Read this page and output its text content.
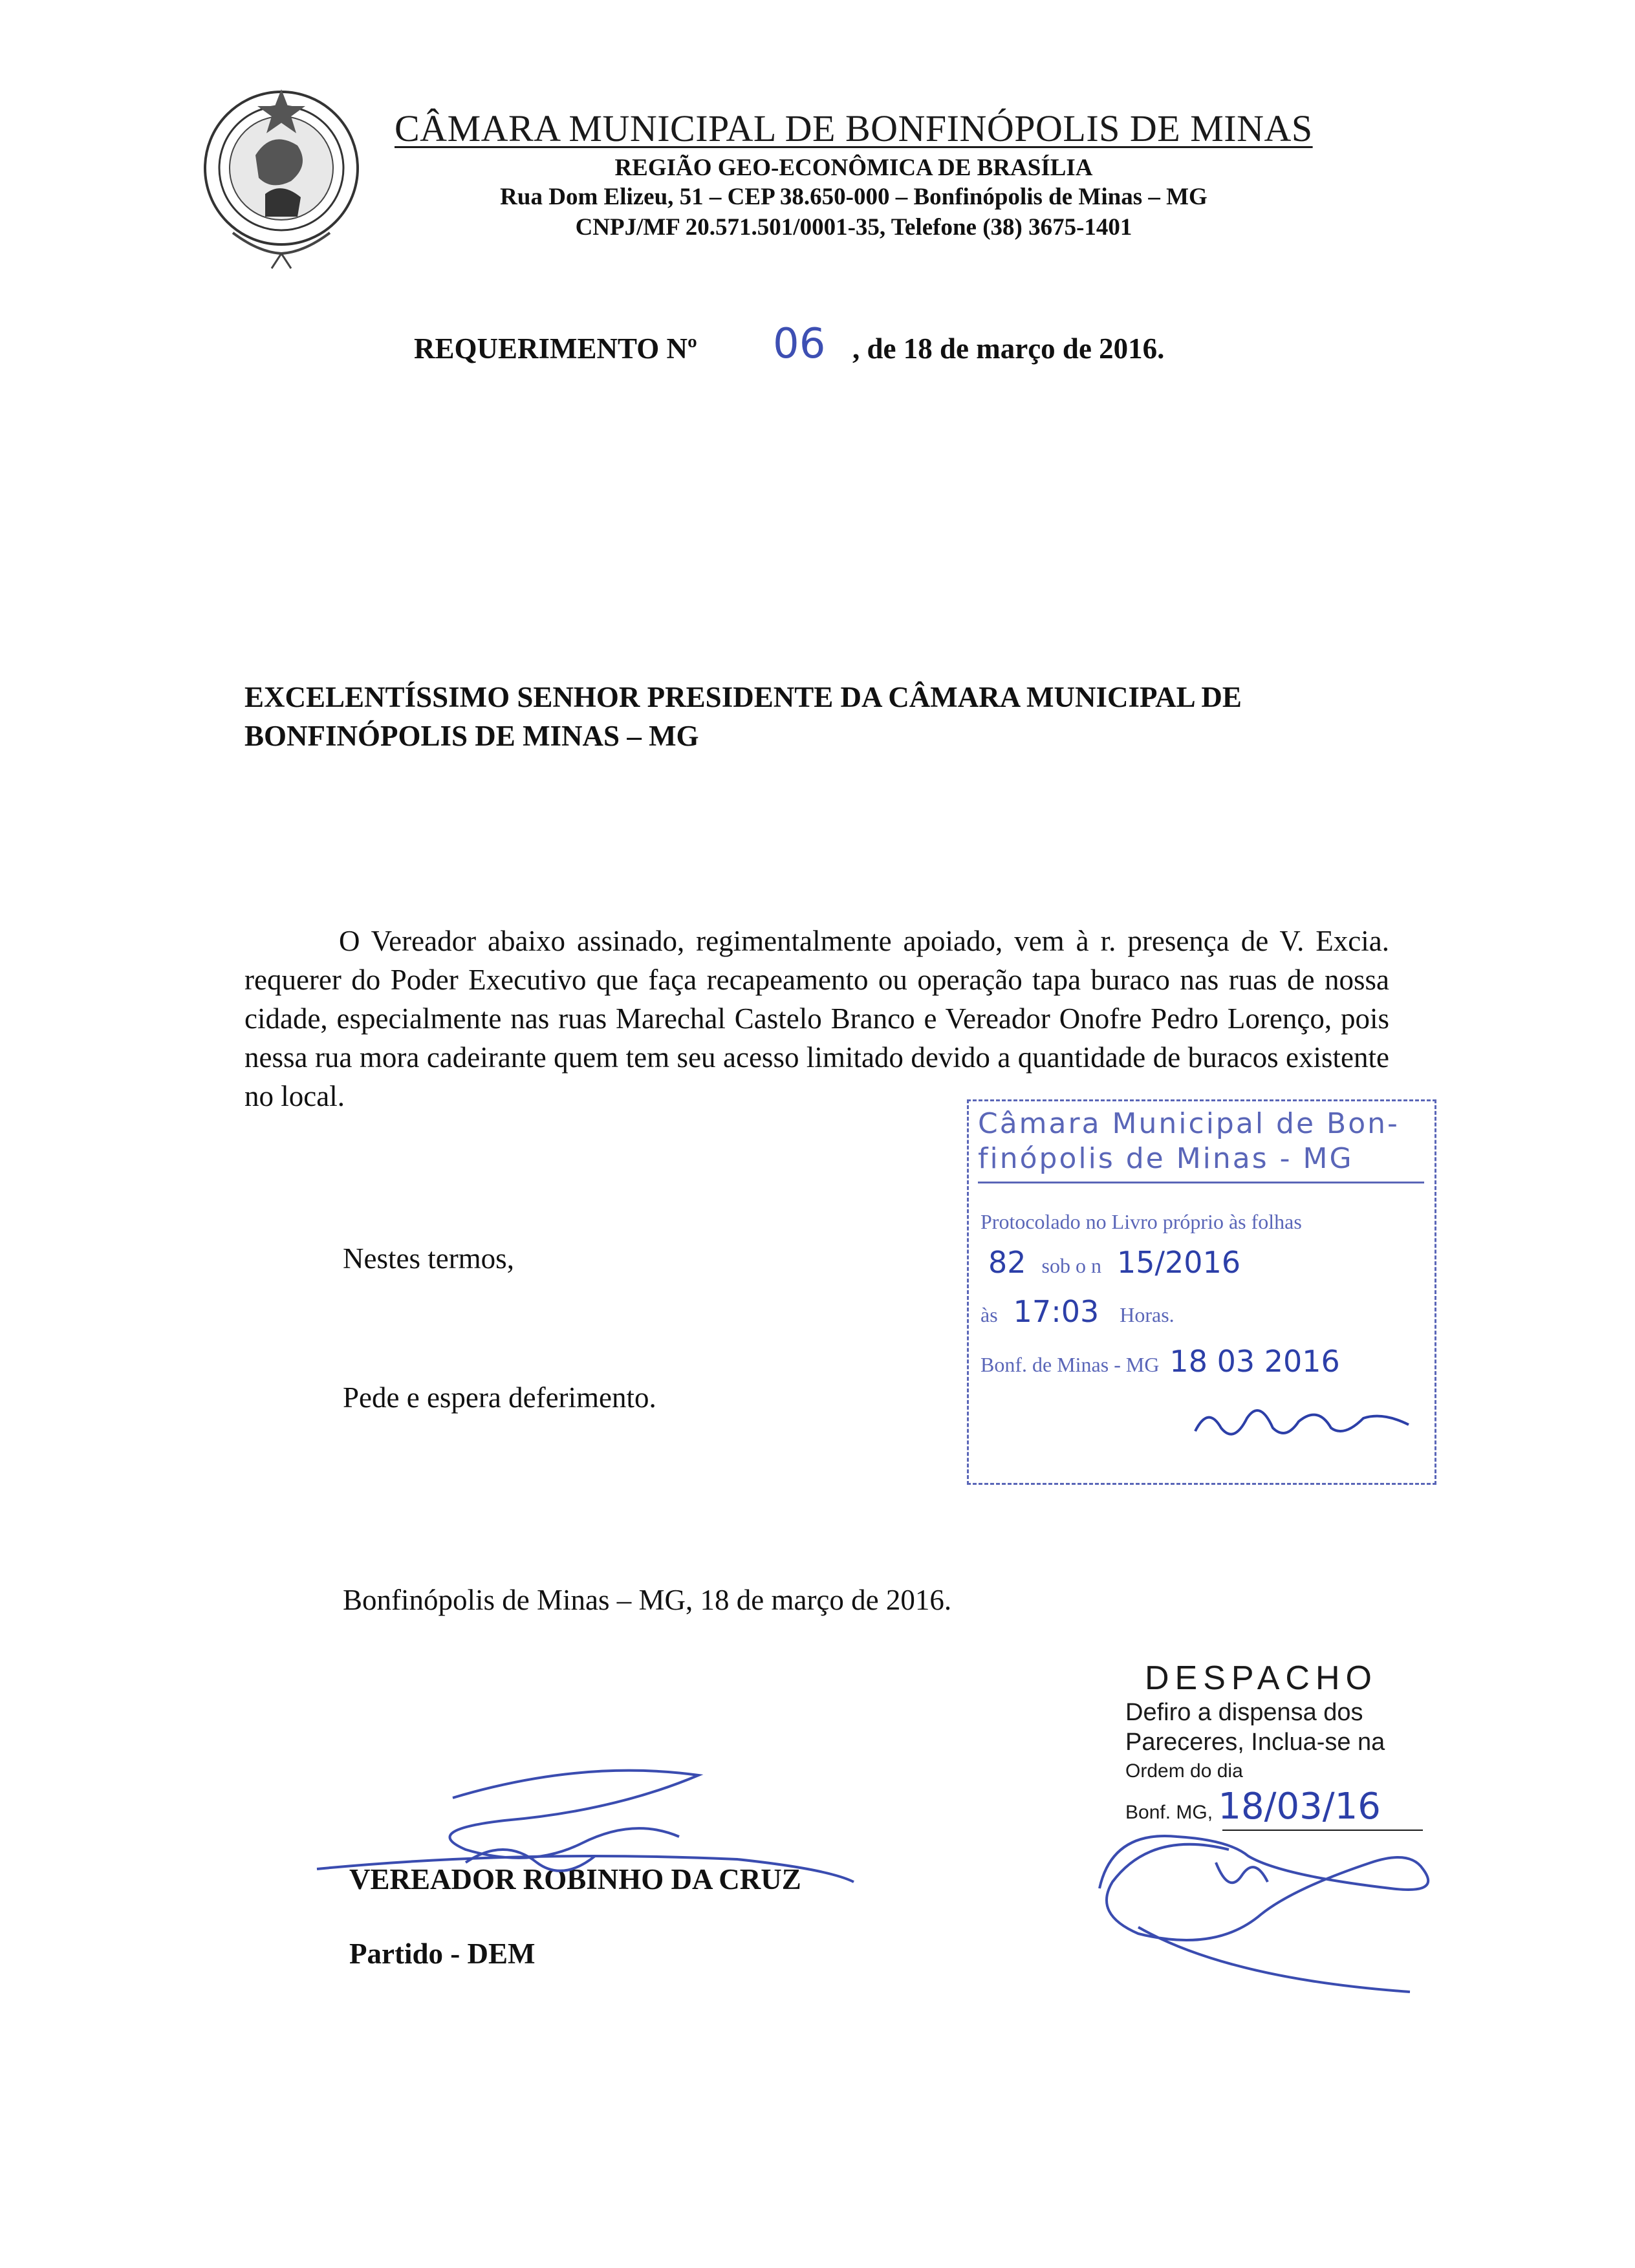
CÂMARA MUNICIPAL DE BONFINÓPOLIS DE MINAS
REGIÃO GEO-ECONÔMICA DE BRASÍLIA
Rua Dom Elizeu, 51 – CEP 38.650-000 – Bonfinópolis de Minas – MG
CNPJ/MF 20.571.501/0001-35, Telefone (38) 3675-1401
REQUERIMENTO Nº 06 , de 18 de março de 2016.
EXCELENTÍSSIMO SENHOR PRESIDENTE DA CÂMARA MUNICIPAL DE BONFINÓPOLIS DE MINAS – MG
O Vereador abaixo assinado, regimentalmente apoiado, vem à r. presença de V. Excia. requerer do Poder Executivo que faça recapeamento ou operação tapa buraco nas ruas de nossa cidade, especialmente nas ruas Marechal Castelo Branco e Vereador Onofre Pedro Lorenço, pois nessa rua mora cadeirante quem tem seu acesso limitado devido a quantidade de buracos existente no local.
Nestes termos,
Pede e espera deferimento.
Bonfinópolis de Minas – MG, 18 de março de 2016.
Câmara Municipal de Bon- finópolis de Minas - MG
Protocolado no Livro próprio às folhas
82 sob o n 15/2016
às 17:03 Horas.
Bonf. de Minas - MG 18 03 2016
DESPACHO
Defiro a dispensa dos
Pareceres, Inclua-se na
Ordem do dia
Bonf. MG, 18/03/16
VEREADOR ROBINHO DA CRUZ
Partido - DEM
